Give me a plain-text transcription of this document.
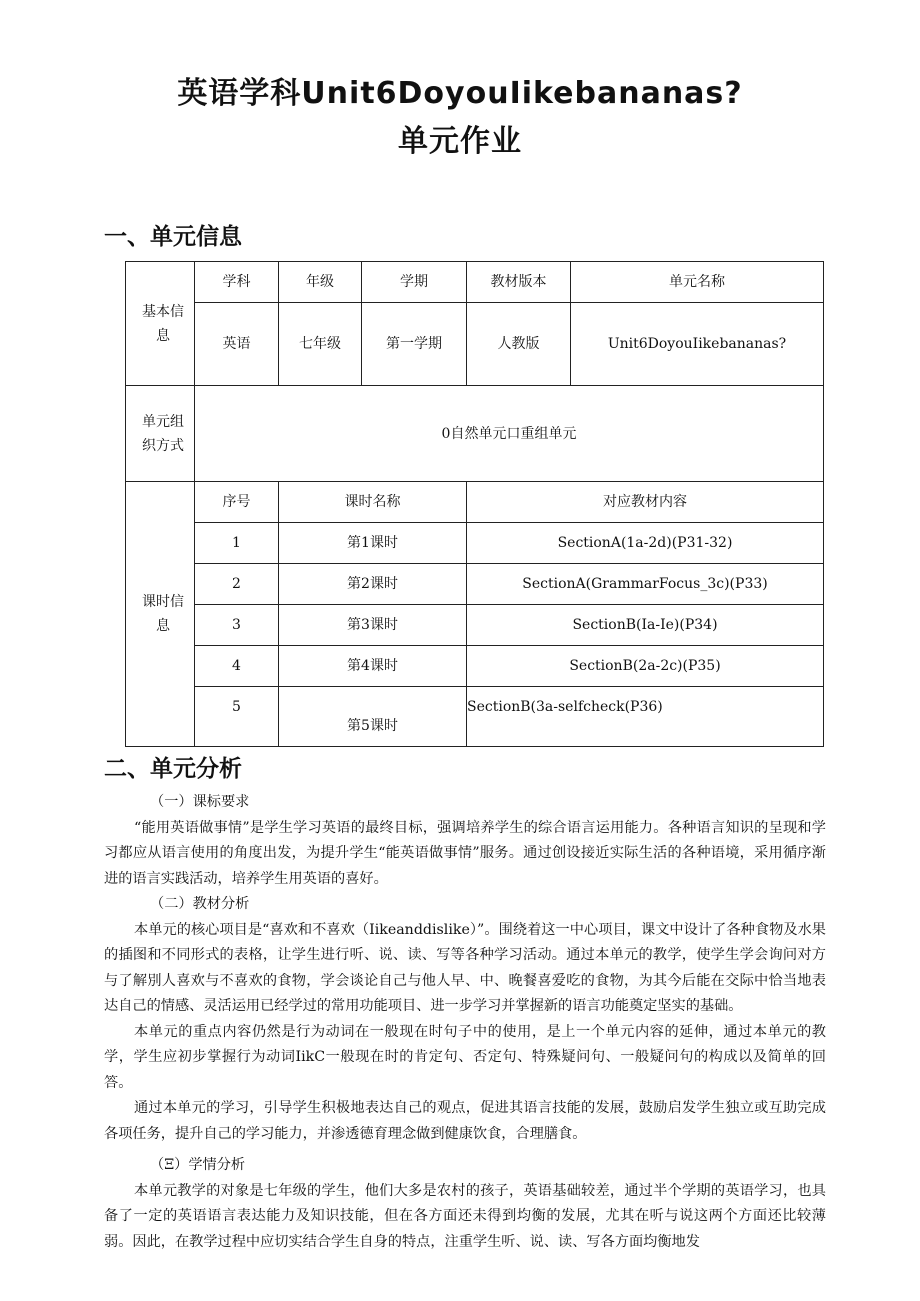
英语学科Unit6DoyouIikebananas?
单元作业
一、单元信息
基本信息	学科	年级	学期	教材版本	单元名称
	英语	七年级	第一学期	人教版	Unit6DoyouIikebananas?
单元组织方式	0自然单元口重组单元				
课时信息	序号	课时名称		对应教材内容	
	1	第1课时		SectionA(1a-2d)(P31-32)	
	2	第2课时		SectionA(GrammarFocus_3c)(P33)	
	3	第3课时		SectionB(Ia-Ie)(P34)	
	4	第4课时		SectionB(2a-2c)(P35)	
	5	第5课时		SectionB(3a-selfcheck(P36)	
二、单元分析

（一）课标要求

“能用英语做事情”是学生学习英语的最终目标，强调培养学生的综合语言运用能力。各种语言知识的呈现和学习都应从语言使用的角度出发，为提升学生“能英语做事情”服务。通过创设接近实际生活的各种语境，采用循序渐进的语言实践活动，培养学生用英语的喜好。

（二）教材分析

本单元的核心项目是“喜欢和不喜欢（Iikeanddislike）”。围绕着这一中心项目，课文中设计了各种食物及水果的插图和不同形式的表格，让学生进行听、说、读、写等各种学习活动。通过本单元的教学，使学生学会询问对方与了解別人喜欢与不喜欢的食物，学会谈论自己与他人早、中、晚餐喜爱吃的食物，为其今后能在交际中恰当地表达自己的情感、灵活运用已经学过的常用功能项目、进一步学习并掌握新的语言功能奠定坚实的基础。

本单元的重点内容仍然是行为动词在一般现在时句子中的使用，是上一个单元内容的延伸，通过本单元的教学，学生应初步掌握行为动词IikC一般现在时的肯定句、否定句、特殊疑问句、一般疑问句的构成以及简单的回答。

通过本单元的学习，引导学生积极地表达自己的观点，促进其语言技能的发展，鼓励启发学生独立或互助完成各项任务，提升自己的学习能力，并渗透德育理念做到健康饮食，合理膳食。

（Ξ）学情分析

本单元教学的对象是七年级的学生，他们大多是农村的孩子，英语基础较差，通过半个学期的英语学习，也具备了一定的英语语言表达能力及知识技能，但在各方面还未得到均衡的发展，尤其在听与说这两个方面还比较薄弱。因此，在教学过程中应切实结合学生自身的特点，注重学生听、说、读、写各方面均衡地发
